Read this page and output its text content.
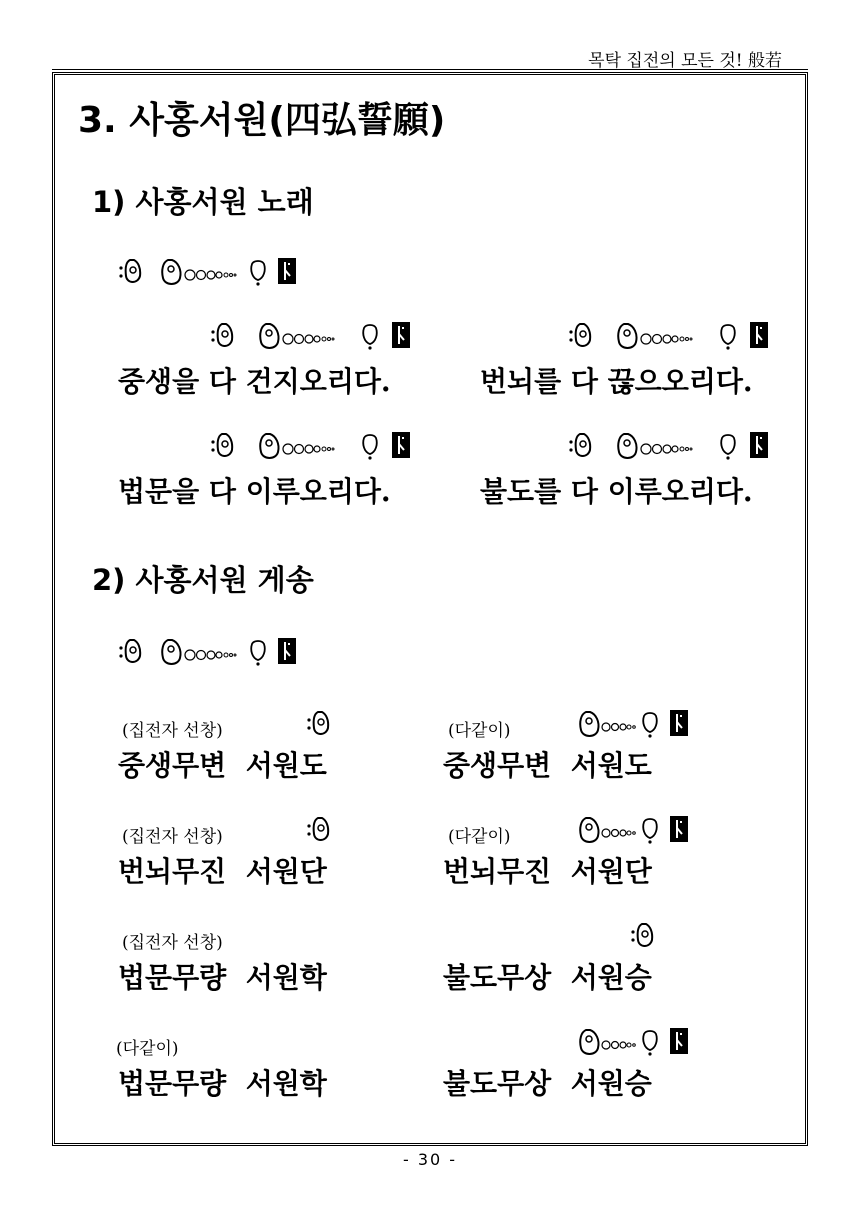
목탁 집전의 모든 것! 般若
3. 사홍서원(四弘誓願)
1) 사홍서원 노래
중생을 다 건지오리다.	번뇌를 다 끊으오리다.
법문을 다 이루오리다.	불도를 다 이루오리다.
2) 사홍서원 게송
(집전자 선창)	(다같이)
중생무변  서원도	중생무변  서원도
(집전자 선창)	(다같이)
번뇌무진  서원단	번뇌무진  서원단
(집전자 선창)
법문무량  서원학	불도무상  서원승
(다같이)
법문무량  서원학	불도무상  서원승
- 30 -
